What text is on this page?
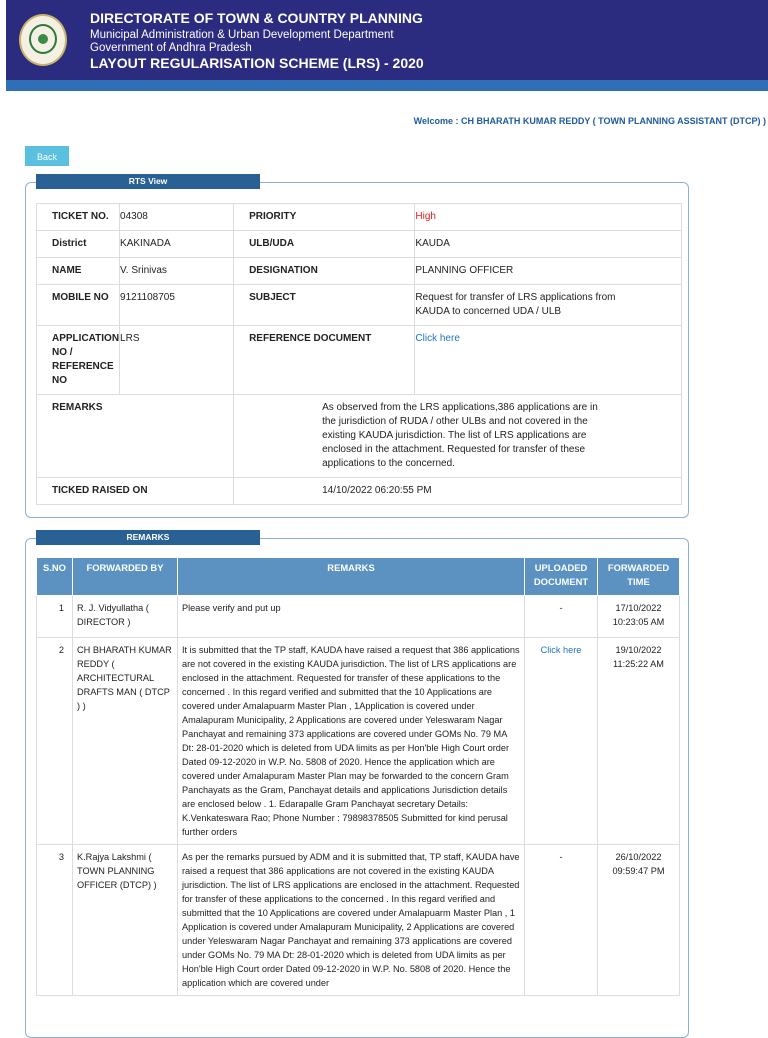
DIRECTORATE OF TOWN & COUNTRY PLANNING
Municipal Administration & Urban Development Department
Government of Andhra Pradesh
LAYOUT REGULARISATION SCHEME (LRS) - 2020
Welcome : CH BHARATH KUMAR REDDY ( TOWN PLANNING ASSISTANT (DTCP) )
Back
RTS View
TICKET NO.	04308	PRIORITY	High
District	KAKINADA	ULB/UDA	KAUDA
NAME	V. Srinivas	DESIGNATION	PLANNING OFFICER
MOBILE NO	9121108705	SUBJECT	Request for transfer of LRS applications from KAUDA to concerned UDA / ULB
APPLICATION NO / REFERENCE NO	LRS	REFERENCE DOCUMENT	Click here
REMARKS		As observed from the LRS applications,386 applications are in the jurisdiction of RUDA / other ULBs and not covered in the existing KAUDA jurisdiction. The list of LRS applications are enclosed in the attachment. Requested for transfer of these applications to the concerned.	
TICKED RAISED ON		14/10/2022 06:20:55 PM	
REMARKS
S.NO	FORWARDED BY	REMARKS	UPLOADED DOCUMENT	FORWARDED TIME
1	R. J. Vidyullatha ( DIRECTOR )	Please verify and put up	-	17/10/2022 10:23:05 AM
2	CH BHARATH KUMAR REDDY ( ARCHITECTURAL DRAFTS MAN ( DTCP ) )	It is submitted that the TP staff, KAUDA have raised a request that 386 applications are not covered in the existing KAUDA jurisdiction. The list of LRS applications are enclosed in the attachment. Requested for transfer of these applications to the concerned . In this regard verified and submitted that the 10 Applications are covered under Amalapuarm Master Plan , 1Application is covered under Amalapuram Municipality, 2 Applications are covered under Yeleswaram Nagar Panchayat and remaining 373 applications are covered under GOMs No. 79 MA Dt: 28-01-2020 which is deleted from UDA limits as per Hon'ble High Court order Dated 09-12-2020 in W.P. No. 5808 of 2020. Hence the application which are covered under Amalapuram Master Plan may be forwarded to the concern Gram Panchayats as the Gram, Panchayat details and applications Jurisdiction details are enclosed below . 1. Edarapalle Gram Panchayat secretary Details: K.Venkateswara Rao; Phone Number : 79898378505 Submitted for kind perusal further orders	Click here	19/10/2022 11:25:22 AM
3	K.Rajya Lakshmi ( TOWN PLANNING OFFICER (DTCP) )	As per the remarks pursued by ADM and it is submitted that, TP staff, KAUDA have raised a request that 386 applications are not covered in the existing KAUDA jurisdiction. The list of LRS applications are enclosed in the attachment. Requested for transfer of these applications to the concerned . In this regard verified and submitted that the 10 Applications are covered under Amalapuarm Master Plan , 1 Application is covered under Amalapuram Municipality, 2 Applications are covered under Yeleswaram Nagar Panchayat and remaining 373 applications are covered under GOMs No. 79 MA Dt: 28-01-2020 which is deleted from UDA limits as per Hon'ble High Court order Dated 09-12-2020 in W.P. No. 5808 of 2020. Hence the application which are covered under	-	26/10/2022 09:59:47 PM
